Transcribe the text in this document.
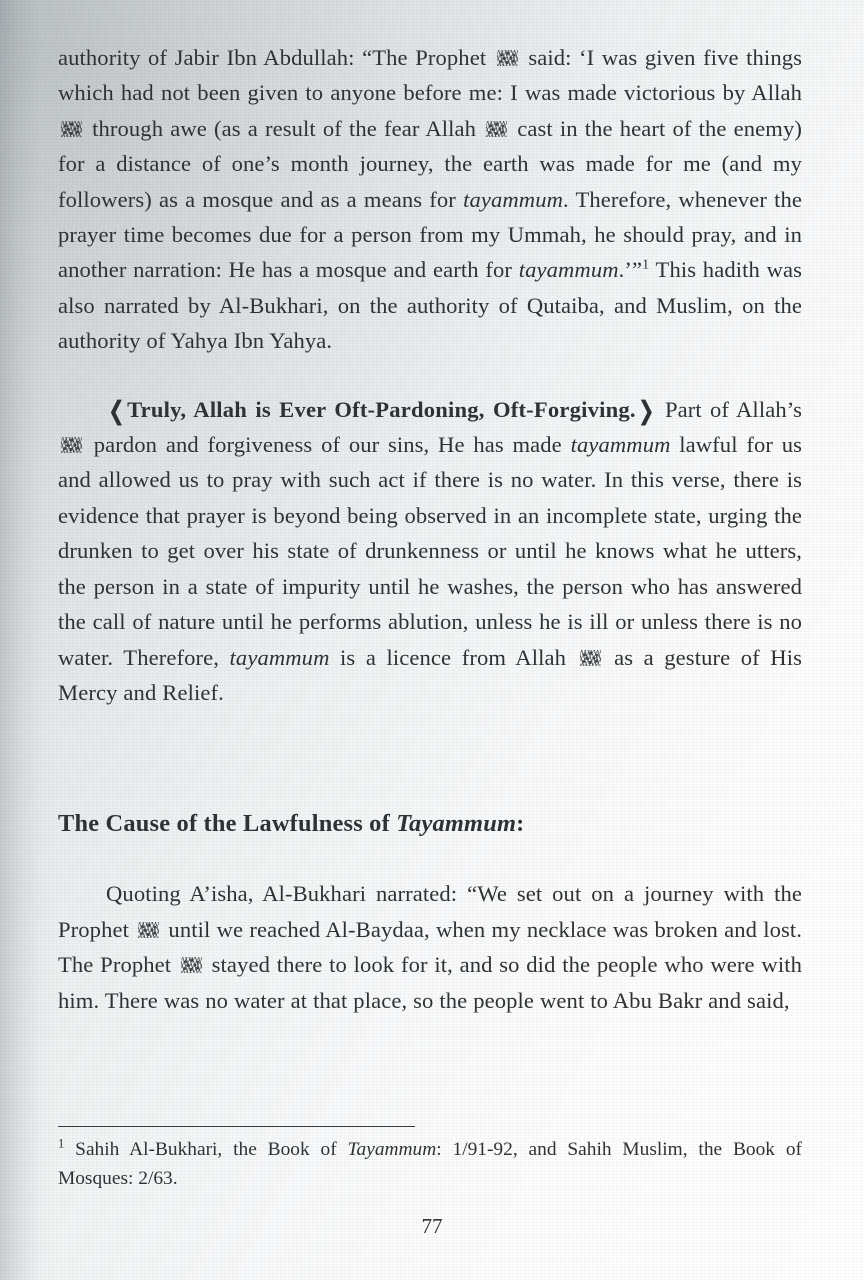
authority of Jabir Ibn Abdullah: “The Prophet  said: ‘I was given five things which had not been given to anyone before me: I was made victorious by Allah  through awe (as a result of the fear Allah  cast in the heart of the enemy) for a distance of one’s month journey, the earth was made for me (and my followers) as a mosque and as a means for tayammum. Therefore, whenever the prayer time becomes due for a person from my Ummah, he should pray, and in another narration: He has a mosque and earth for tayammum.’”$^1$ This hadith was also narrated by Al-Bukhari, on the authority of Qutaiba, and Muslim, on the authority of Yahya Ibn Yahya.

❬Truly, Allah is Ever Oft-Pardoning, Oft-Forgiving.❭ Part of Allah’s  pardon and forgiveness of our sins, He has made tayammum lawful for us and allowed us to pray with such act if there is no water. In this verse, there is evidence that prayer is beyond being observed in an incomplete state, urging the drunken to get over his state of drunkenness or until he knows what he utters, the person in a state of impurity until he washes, the person who has answered the call of nature until he performs ablution, unless he is ill or unless there is no water. Therefore, tayammum is a licence from Allah  as a gesture of His Mercy and Relief.

The Cause of the Lawfulness of Tayammum:

Quoting A’isha, Al-Bukhari narrated: “We set out on a journey with the Prophet  until we reached Al-Baydaa, when my necklace was broken and lost. The Prophet  stayed there to look for it, and so did the people who were with him. There was no water at that place, so the people went to Abu Bakr and said,

$^1$ Sahih Al-Bukhari, the Book of Tayammum: 1/91-92, and Sahih Muslim, the Book of Mosques: 2/63.

77
